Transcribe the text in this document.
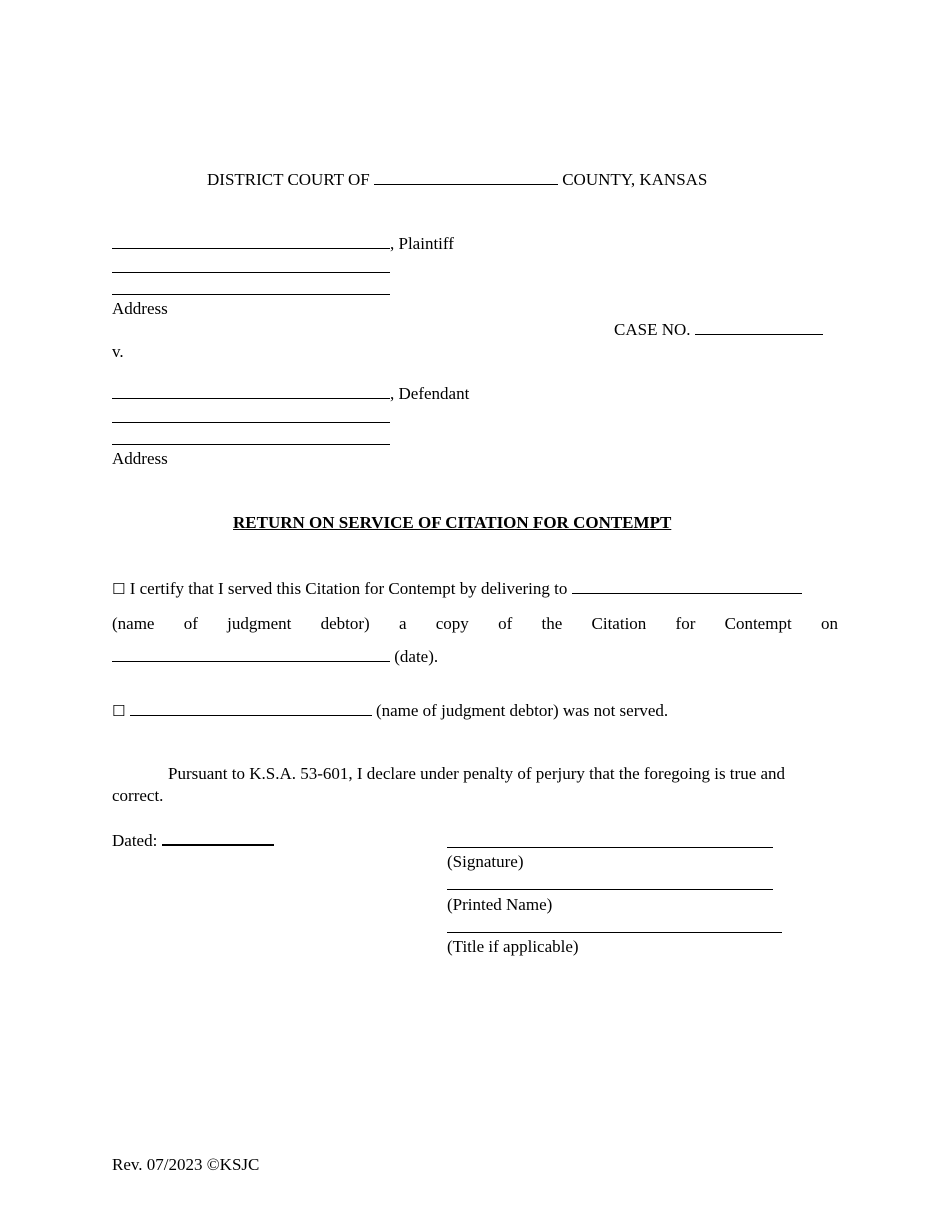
DISTRICT COURT OF	COUNTY, KANSAS
, Plaintiff
Address
CASE NO.
v.
, Defendant
Address
RETURN ON SERVICE OF CITATION FOR CONTEMPT
☐ I certify that I served this Citation for Contempt by delivering to
(name of judgment debtor) a copy of the Citation for Contempt on
(date).
☐	(name of judgment debtor) was not served.
Pursuant to K.S.A. 53-601, I declare under penalty of perjury that the foregoing is true and correct.
Dated:
(Signature)
(Printed Name)
(Title if applicable)
Rev. 07/2023 ©KSJC
